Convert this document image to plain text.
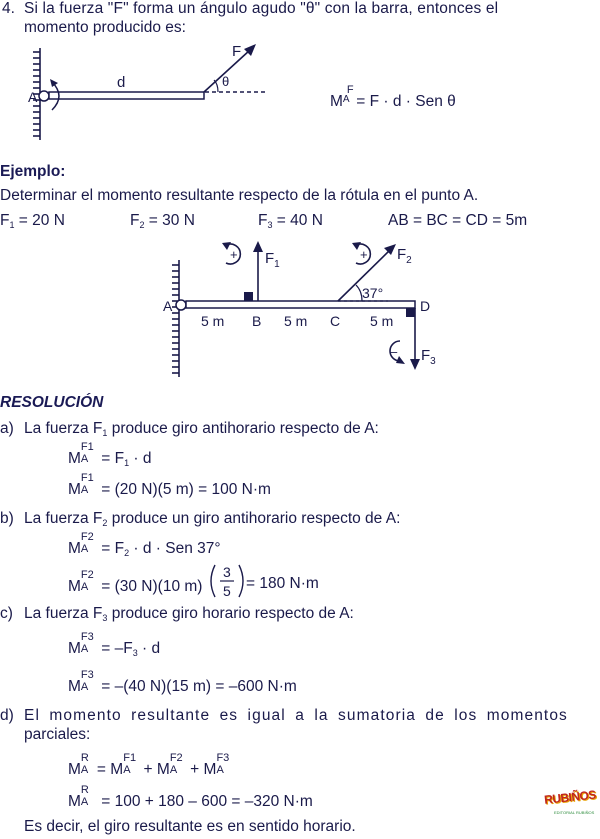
4. Si la fuerza "F" forma un ángulo agudo "θ" con la barra, entonces el
momento producido es:
A
d
F
θ
M
F
A = F · d · Sen θ
Ejemplo:
Determinar el momento resultante respecto de la rótula en el punto A.
$F_1 = 20$ N	$F_2 = 30$ N	$F_3 = 40$ N	AB = BC = CD = 5m
+	+
–
A
B	C
D
5 m	5 m	5 m
37°
$F_1$
$F_2$
$F_3$
RESOLUCIÓN
a) La fuerza $F_1$ produce giro antihorario respecto de A:
M
F1
$A = F_1 \cdot d$
M
F1
A = (20 N)(5 m) = 100 N·m
b) La fuerza $F_2$ produce un giro antihorario respecto de A:
M
F2
$A = F_2 \cdot d$ · Sen 37°
M
F2
A = (30 N)(10 m)
3
5 = 180 N·m
c) La fuerza $F_3$ produce giro horario respecto de A:
M
F3
$A = -F_3 \cdot d$
M
F3
A = –(40 N)(15 m) = –600 N·m
d) El momento resultante es igual a la sumatoria de los momentos
parciales:
M
R
A = M
F1
A + M
F2
A + M
F3
A
M
R
A = 100 + 180 – 600 = –320 N·m
Es decir, el giro resultante es en sentido horario.
RUBIÑOS
EDITORIAL RUBIÑOS
